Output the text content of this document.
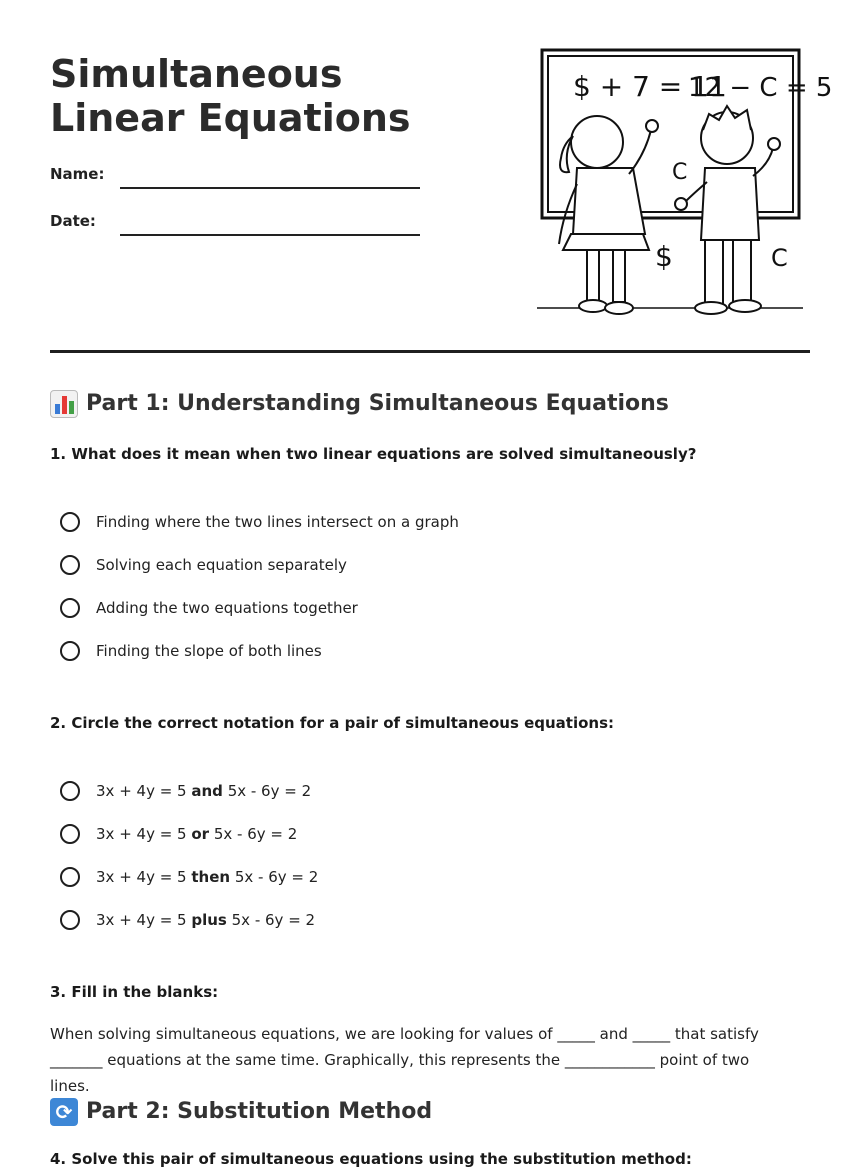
Simultaneous Linear Equations
Name:
Date:
$ + 7 = 11
12 − C = 5
C
$	C
Part 1: Understanding Simultaneous Equations

1. What does it mean when two linear equations are solved simultaneously?

Finding where the two lines intersect on a graph
Solving each equation separately
Adding the two equations together
Finding the slope of both lines

2. Circle the correct notation for a pair of simultaneous equations:

3x + 4y = 5 and 5x - 6y = 2
3x + 4y = 5 or 5x - 6y = 2
3x + 4y = 5 then 5x - 6y = 2
3x + 4y = 5 plus 5x - 6y = 2

3. Fill in the blanks:

When solving simultaneous equations, we are looking for values of _____ and _____ that satisfy _______ equations at the same time. Graphically, this represents the ____________ point of two lines.

⟳ Part 2: Substitution Method

4. Solve this pair of simultaneous equations using the substitution method:
